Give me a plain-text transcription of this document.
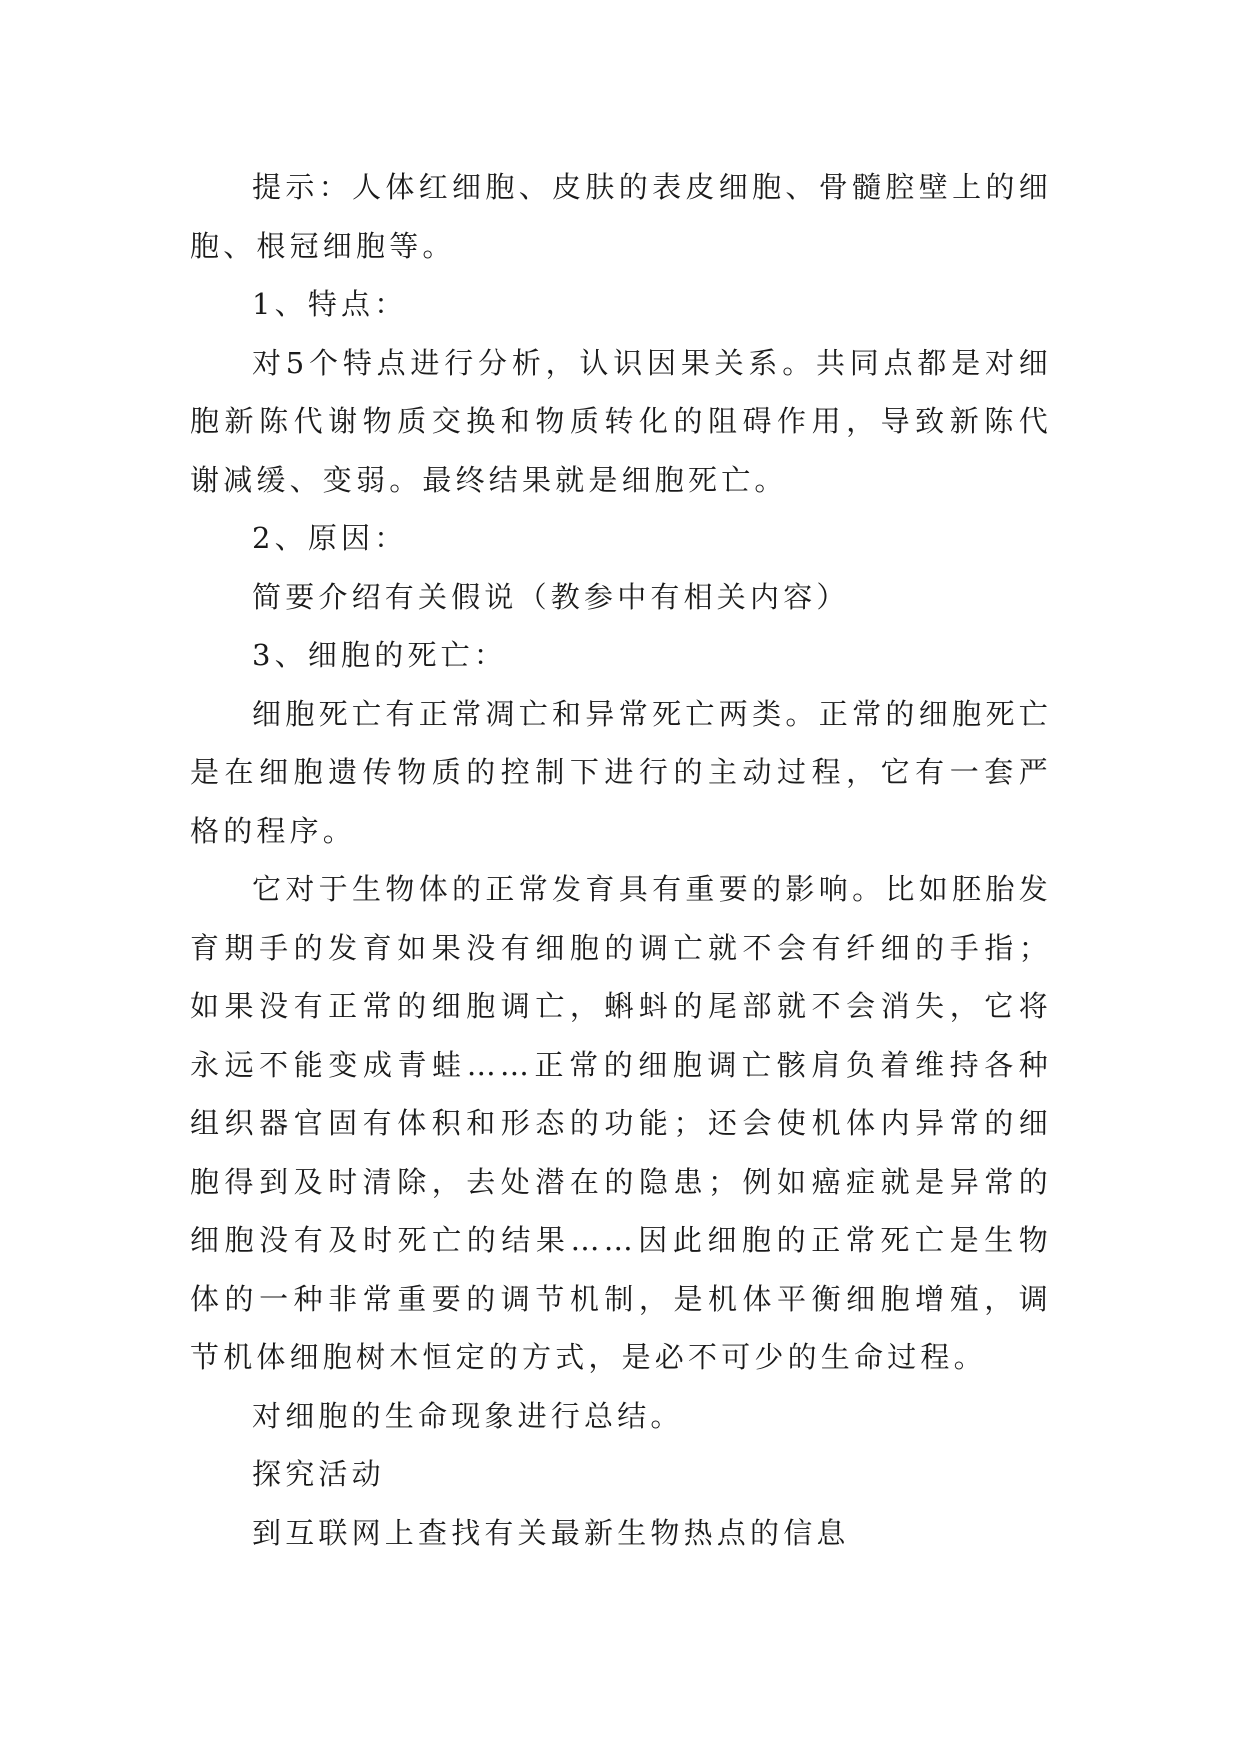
提示：人体红细胞、皮肤的表皮细胞、骨髓腔壁上的细胞、根冠细胞等。

1、特点：

对5个特点进行分析，认识因果关系。共同点都是对细胞新陈代谢物质交换和物质转化的阻碍作用，导致新陈代谢减缓、变弱。最终结果就是细胞死亡。

2、原因：

简要介绍有关假说（教参中有相关内容）

3、细胞的死亡：

细胞死亡有正常凋亡和异常死亡两类。正常的细胞死亡是在细胞遗传物质的控制下进行的主动过程，它有一套严格的程序。

它对于生物体的正常发育具有重要的影响。比如胚胎发育期手的发育如果没有细胞的调亡就不会有纤细的手指；如果没有正常的细胞调亡，蝌蚪的尾部就不会消失，它将永远不能变成青蛙……正常的细胞调亡骸肩负着维持各种组织器官固有体积和形态的功能；还会使机体内异常的细胞得到及时清除，去处潜在的隐患；例如癌症就是异常的细胞没有及时死亡的结果……因此细胞的正常死亡是生物体的一种非常重要的调节机制，是机体平衡细胞增殖，调节机体细胞树木恒定的方式，是必不可少的生命过程。

对细胞的生命现象进行总结。

探究活动

到互联网上查找有关最新生物热点的信息
